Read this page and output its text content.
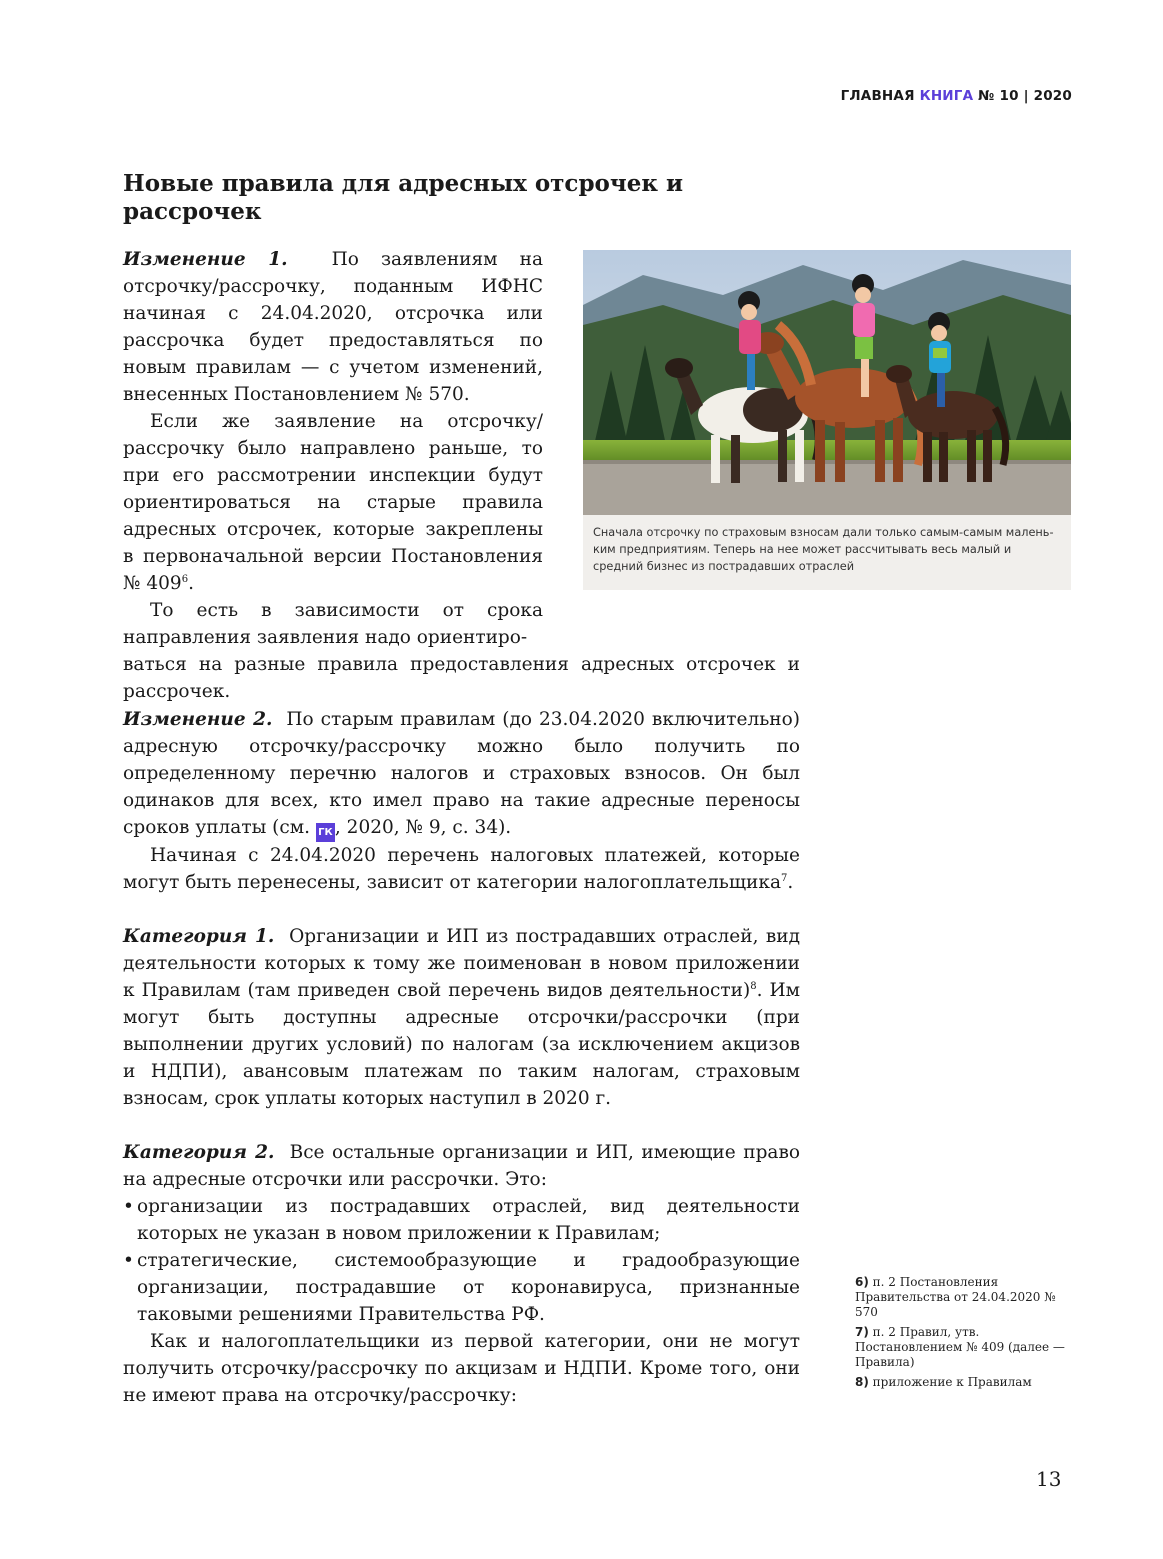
ГЛАВНАЯ КНИГА № 10 | 2020
Новые правила для адресных отсрочек и рассрочек
Сначала отсрочку по страховым взносам дали только самым-самым малень-ким предприятиям. Теперь на нее может рассчитывать весь малый и средний бизнес из пострадавших отраслей

Изменение 1. По заявлениям на отсрочку/рассрочку, поданным ИФНС начиная с 24.04.2020, отсрочка или рассрочка будет предоставляться по новым правилам — с учетом изменений, внесенных Постановлением № 570.

Если же заявление на отсрочку/рассрочку было направлено раньше, то при его рассмотрении инспекции будут ориентироваться на старые правила адресных отсрочек, которые закреплены в первоначальной версии Постановления № $409^6$.

То есть в зависимости от срока направления заявления надо ориентиро-

ваться на разные правила предоставления адресных отсрочек и рассрочек.

Изменение 2. По старым правилам (до 23.04.2020 включительно) адресную отсрочку/рассрочку можно было получить по определенному перечню налогов и страховых взносов. Он был одинаков для всех, кто имел право на такие адресные переносы сроков уплаты (см. ГК , 2020, № 9, с. 34).

Начиная с 24.04.2020 перечень налоговых платежей, которые могут быть перенесены, зависит от категории налогоплательщика$^7$.

Категория 1. Организации и ИП из пострадавших отраслей, вид деятельности которых к тому же поименован в новом приложении к Правилам (там приведен свой перечень видов деятельности)$^8$. Им могут быть доступны адресные отсрочки/рассрочки (при выполнении других условий) по налогам (за исключением акцизов и НДПИ), авансовым платежам по таким налогам, страховым взносам, срок уплаты которых наступил в 2020 г.

Категория 2. Все остальные организации и ИП, имеющие право на адресные отсрочки или рассрочки. Это:

• организации из пострадавших отраслей, вид деятельности которых не указан в новом приложении к Правилам;
• стратегические, системообразующие и градообразующие организации, пострадавшие от коронавируса, признанные таковыми решениями Правительства РФ.

Как и налогоплательщики из первой категории, они не могут получить отсрочку/рассрочку по акцизам и НДПИ. Кроме того, они не имеют права на отсрочку/рассрочку:

6) п. 2 Постановления Правительства от 24.04.2020 № 570
7) п. 2 Правил, утв. Постановлением № 409 (далее — Правила)
8) приложение к Правилам
13
